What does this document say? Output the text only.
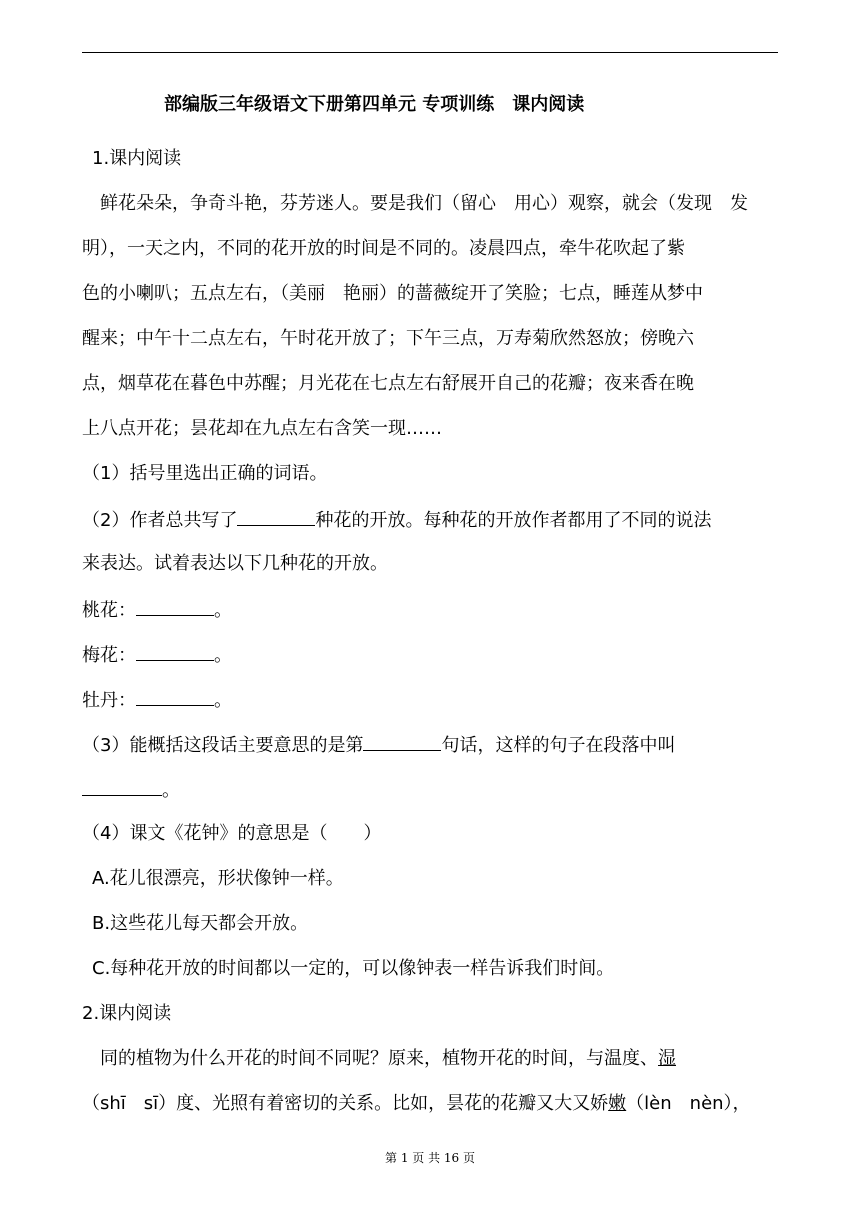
部编版三年级语文下册第四单元 专项训练　课内阅读
1.课内阅读
　鲜花朵朵，争奇斗艳，芬芳迷人。要是我们（留心　用心）观察，就会（发现　发
明），一天之内，不同的花开放的时间是不同的。凌晨四点，牵牛花吹起了紫
色的小喇叭；五点左右，（美丽　艳丽）的蔷薇绽开了笑脸；七点，睡莲从梦中
醒来；中午十二点左右，午时花开放了；下午三点，万寿菊欣然怒放；傍晚六
点，烟草花在暮色中苏醒；月光花在七点左右舒展开自己的花瓣；夜来香在晚
上八点开花；昙花却在九点左右含笑一现……
（1）括号里选出正确的词语。
（2）作者总共写了	种花的开放。每种花的开放作者都用了不同的说法
来表达。试着表达以下几种花的开放。
桃花：	。
梅花：	。
牡丹：	。
（3）能概括这段话主要意思的是第	句话，这样的句子在段落中叫
。
（4）课文《花钟》的意思是（　　）
A.花儿很漂亮，形状像钟一样。
B.这些花儿每天都会开放。
C.每种花开放的时间都以一定的，可以像钟表一样告诉我们时间。
2.课内阅读
　同的植物为什么开花的时间不同呢？原来，植物开花的时间，与温度、湿
（shī　sī）度、光照有着密切的关系。比如，昙花的花瓣又大又娇嫩（lèn　nèn），
第 1 页 共 16 页
